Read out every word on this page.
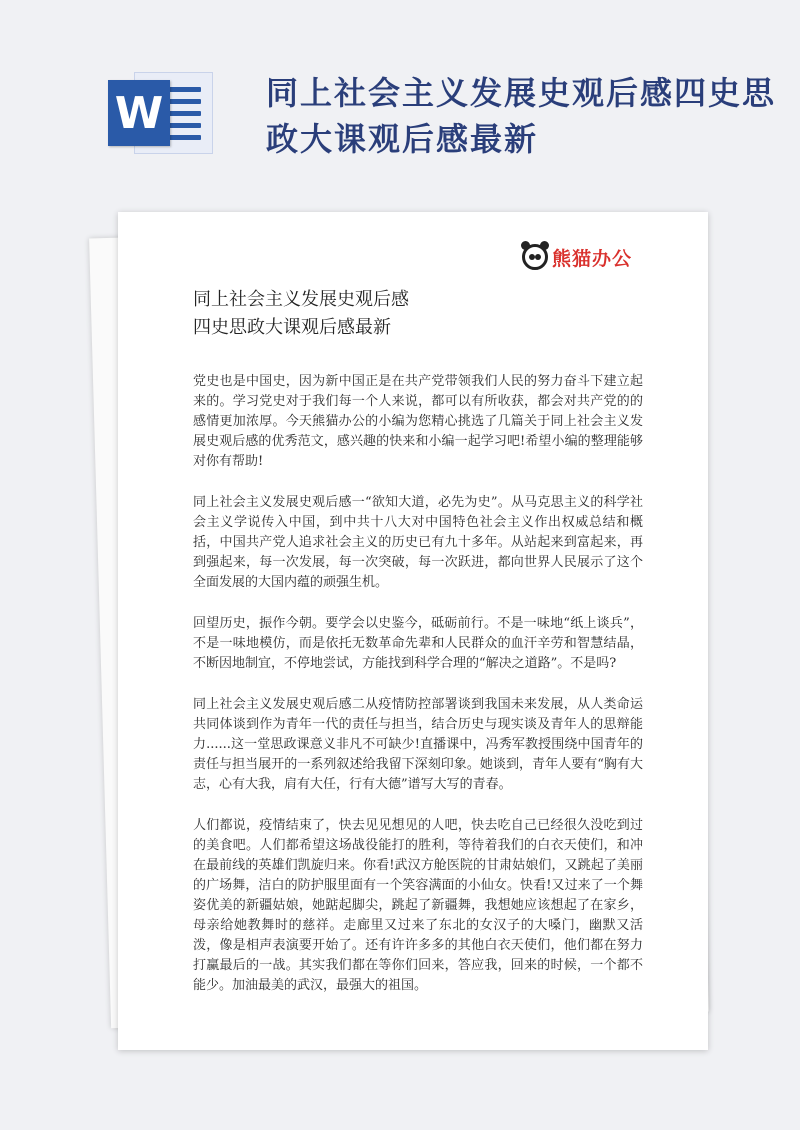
W	同上社会主义发展史观后感四史思政大课观后感最新
熊猫办公
同上社会主义发展史观后感
四史思政大课观后感最新

党史也是中国史，因为新中国正是在共产党带领我们人民的努力奋斗下建立起来的。学习党史对于我们每一个人来说，都可以有所收获，都会对共产党的的感情更加浓厚。今天熊猫办公的小编为您精心挑选了几篇关于同上社会主义发展史观后感的优秀范文，感兴趣的快来和小编一起学习吧!希望小编的整理能够对你有帮助!

同上社会主义发展史观后感一“欲知大道，必先为史”。从马克思主义的科学社会主义学说传入中国，到中共十八大对中国特色社会主义作出权威总结和概括，中国共产党人追求社会主义的历史已有九十多年。从站起来到富起来，再到强起来，每一次发展，每一次突破，每一次跃进，都向世界人民展示了这个全面发展的大国内蕴的顽强生机。

回望历史，振作今朝。要学会以史鉴今，砥砺前行。不是一味地“纸上谈兵”，不是一味地模仿，而是依托无数革命先辈和人民群众的血汗辛劳和智慧结晶，不断因地制宜，不停地尝试，方能找到科学合理的“解决之道路”。不是吗?

同上社会主义发展史观后感二从疫情防控部署谈到我国未来发展，从人类命运共同体谈到作为青年一代的责任与担当，结合历史与现实谈及青年人的思辩能力......这一堂思政课意义非凡不可缺少!直播课中，冯秀军教授围绕中国青年的责任与担当展开的一系列叙述给我留下深刻印象。她谈到，青年人要有“胸有大志，心有大我，肩有大任，行有大德”谱写大写的青春。

人们都说，疫情结束了，快去见见想见的人吧，快去吃自己已经很久没吃到过的美食吧。人们都希望这场战役能打的胜利，等待着我们的白衣天使们，和冲在最前线的英雄们凯旋归来。你看!武汉方舱医院的甘肃姑娘们，又跳起了美丽的广场舞，洁白的防护服里面有一个笑容满面的小仙女。快看!又过来了一个舞姿优美的新疆姑娘，她踮起脚尖，跳起了新疆舞，我想她应该想起了在家乡，母亲给她教舞时的慈祥。走廊里又过来了东北的女汉子的大嗓门，幽默又活泼，像是相声表演要开始了。还有许许多多的其他白衣天使们，他们都在努力打赢最后的一战。其实我们都在等你们回来，答应我，回来的时候，一个都不能少。加油最美的武汉，最强大的祖国。
